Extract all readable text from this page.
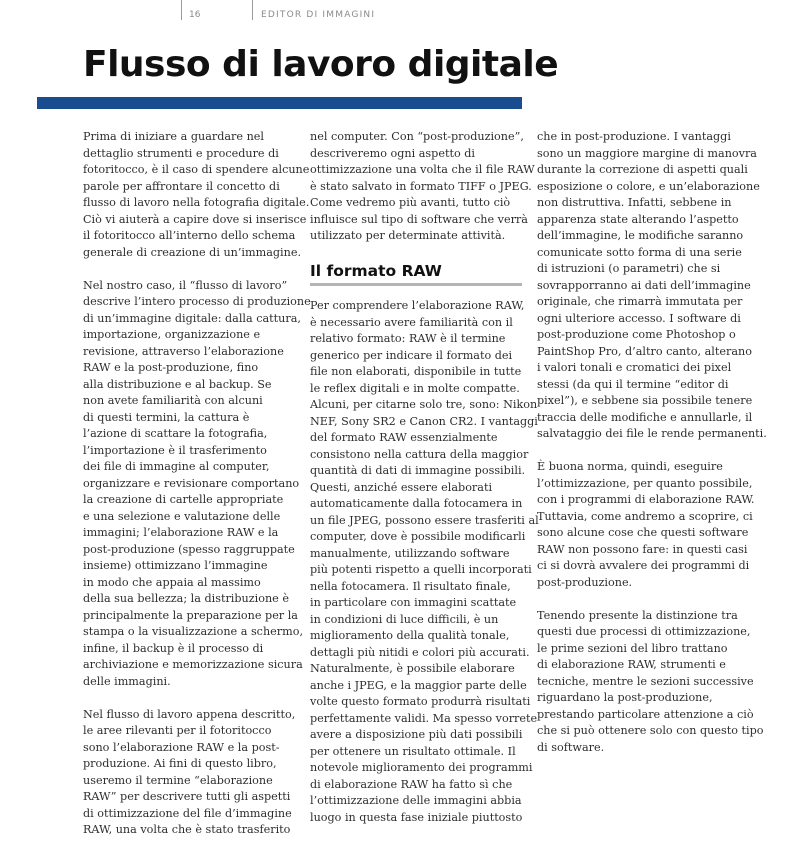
16	EDITOR DI IMMAGINI
Flusso di lavoro digitale

Prima di iniziare a guardare nel
dettaglio strumenti e procedure di
fotoritocco, è il caso di spendere alcune
parole per affrontare il concetto di
flusso di lavoro nella fotografia digitale.
Ciò vi aiuterà a capire dove si inserisce
il fotoritocco all’interno dello schema
generale di creazione di un’immagine.

Nel nostro caso, il “flusso di lavoro”
descrive l’intero processo di produzione
di un’immagine digitale: dalla cattura,
importazione, organizzazione e
revisione, attraverso l’elaborazione
RAW e la post-produzione, fino
alla distribuzione e al backup. Se
non avete familiarità con alcuni
di questi termini, la cattura è
l’azione di scattare la fotografia,
l’importazione è il trasferimento
dei file di immagine al computer,
organizzare e revisionare comportano
la creazione di cartelle appropriate
e una selezione e valutazione delle
immagini; l’elaborazione RAW e la
post-produzione (spesso raggruppate
insieme) ottimizzano l’immagine
in modo che appaia al massimo
della sua bellezza; la distribuzione è
principalmente la preparazione per la
stampa o la visualizzazione a schermo,
infine, il backup è il processo di
archiviazione e memorizzazione sicura
delle immagini.

Nel flusso di lavoro appena descritto,
le aree rilevanti per il fotoritocco
sono l’elaborazione RAW e la post-
produzione. Ai fini di questo libro,
useremo il termine “elaborazione
RAW” per descrivere tutti gli aspetti
di ottimizzazione del file d’immagine
RAW, una volta che è stato trasferito

nel computer. Con “post-produzione”,
descriveremo ogni aspetto di
ottimizzazione una volta che il file RAW
è stato salvato in formato TIFF o JPEG.
Come vedremo più avanti, tutto ciò
influisce sul tipo di software che verrà
utilizzato per determinate attività.

Il formato RAW

Per comprendere l’elaborazione RAW,
è necessario avere familiarità con il
relativo formato: RAW è il termine
generico per indicare il formato dei
file non elaborati, disponibile in tutte
le reflex digitali e in molte compatte.
Alcuni, per citarne solo tre, sono: Nikon
NEF, Sony SR2 e Canon CR2. I vantaggi
del formato RAW essenzialmente
consistono nella cattura della maggior
quantità di dati di immagine possibili.
Questi, anziché essere elaborati
automaticamente dalla fotocamera in
un file JPEG, possono essere trasferiti al
computer, dove è possibile modificarli
manualmente, utilizzando software
più potenti rispetto a quelli incorporati
nella fotocamera. Il risultato finale,
in particolare con immagini scattate
in condizioni di luce difficili, è un
miglioramento della qualità tonale,
dettagli più nitidi e colori più accurati.
Naturalmente, è possibile elaborare
anche i JPEG, e la maggior parte delle
volte questo formato produrrà risultati
perfettamente validi. Ma spesso vorrete
avere a disposizione più dati possibili
per ottenere un risultato ottimale. Il
notevole miglioramento dei programmi
di elaborazione RAW ha fatto sì che
l’ottimizzazione delle immagini abbia
luogo in questa fase iniziale piuttosto

che in post-produzione. I vantaggi
sono un maggiore margine di manovra
durante la correzione di aspetti quali
esposizione o colore, e un’elaborazione
non distruttiva. Infatti, sebbene in
apparenza state alterando l’aspetto
dell’immagine, le modifiche saranno
comunicate sotto forma di una serie
di istruzioni (o parametri) che si
sovrapporranno ai dati dell’immagine
originale, che rimarrà immutata per
ogni ulteriore accesso. I software di
post-produzione come Photoshop o
PaintShop Pro, d’altro canto, alterano
i valori tonali e cromatici dei pixel
stessi (da qui il termine “editor di
pixel”), e sebbene sia possibile tenere
traccia delle modifiche e annullarle, il
salvataggio dei file le rende permanenti.

È buona norma, quindi, eseguire
l’ottimizzazione, per quanto possibile,
con i programmi di elaborazione RAW.
Tuttavia, come andremo a scoprire, ci
sono alcune cose che questi software
RAW non possono fare: in questi casi
ci si dovrà avvalere dei programmi di
post-produzione.

Tenendo presente la distinzione tra
questi due processi di ottimizzazione,
le prime sezioni del libro trattano
di elaborazione RAW, strumenti e
tecniche, mentre le sezioni successive
riguardano la post-produzione,
prestando particolare attenzione a ciò
che si può ottenere solo con questo tipo
di software.
